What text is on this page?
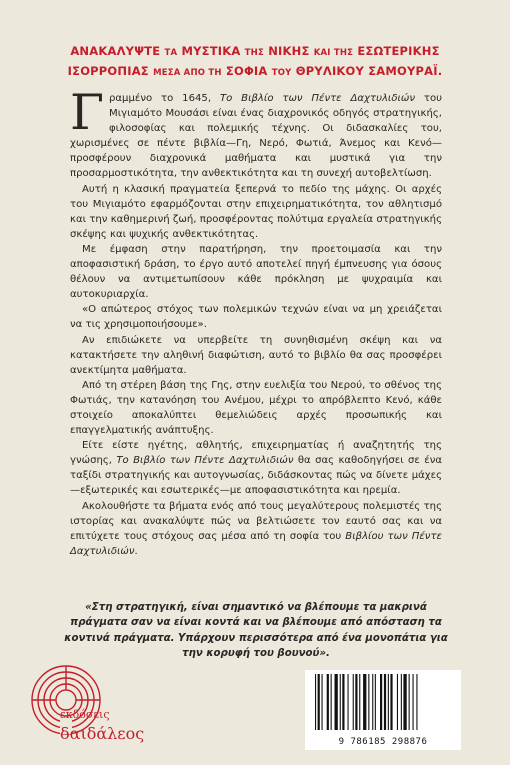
ΑΝΑΚΑΛΥΨΤΕ ΤΑ ΜΥΣΤΙΚΑ ΤΗΣ ΝΙΚΗΣ ΚΑΙ ΤΗΣ ΕΣΩΤΕΡΙΚΗΣ
ΙΣΟΡΡΟΠΙΑΣ ΜΕΣΑ ΑΠΟ ΤΗ ΣΟΦΙΑ ΤΟΥ ΘΡΥΛΙΚΟΥ ΣΑΜΟΥΡΑΪ.

Γραμμένο το 1645, Το Βιβλίο των Πέντε Δαχτυλιδιών του Μιγιαμότο Μουσάσι είναι ένας διαχρονικός οδηγός στρατηγικής, φιλοσοφίας και πολεμικής τέχνης. Οι διδασκαλίες του, χωρισμένες σε πέντε βιβλία—Γη, Νερό, Φωτιά, Άνεμος και Κενό—προσφέρουν διαχρονικά μαθήματα και μυστικά για την προσαρμοστικότητα, την ανθεκτικότητα και τη συνεχή αυτοβελτίωση.

Αυτή η κλασική πραγματεία ξεπερνά το πεδίο της μάχης. Οι αρχές του Μιγιαμότο εφαρμόζονται στην επιχειρηματικότητα, τον αθλητισμό και την καθημερινή ζωή, προσφέροντας πολύτιμα εργαλεία στρατηγικής σκέψης και ψυχικής ανθεκτικότητας.

Με έμφαση στην παρατήρηση, την προετοιμασία και την αποφασιστική δράση, το έργο αυτό αποτελεί πηγή έμπνευσης για όσους θέλουν να αντιμετωπίσουν κάθε πρόκληση με ψυχραιμία και αυτοκυριαρχία.

«Ο απώτερος στόχος των πολεμικών τεχνών είναι να μη χρειάζεται να τις χρησιμοποιήσουμε».

Αν επιδιώκετε να υπερβείτε τη συνηθισμένη σκέψη και να κατακτήσετε την αληθινή διαφώτιση, αυτό το βιβλίο θα σας προσφέρει ανεκτίμητα μαθήματα.

Από τη στέρεη βάση της Γης, στην ευελιξία του Νερού, το σθένος της Φωτιάς, την κατανόηση του Ανέμου, μέχρι το απρόβλεπτο Κενό, κάθε στοιχείο αποκαλύπτει θεμελιώδεις αρχές προσωπικής και επαγγελματικής ανάπτυξης.

Είτε είστε ηγέτης, αθλητής, επιχειρηματίας ή αναζητητής της γνώσης, Το Βιβλίο των Πέντε Δαχτυλιδιών θα σας καθοδηγήσει σε ένα ταξίδι στρατηγικής και αυτογνωσίας, διδάσκοντας πώς να δίνετε μάχες—εξωτερικές και εσωτερικές—με αποφασιστικότητα και ηρεμία.

Ακολουθήστε τα βήματα ενός από τους μεγαλύτερους πολεμιστές της ιστορίας και ανακαλύψτε πώς να βελτιώσετε τον εαυτό σας και να επιτύχετε τους στόχους σας μέσα από τη σοφία του Βιβλίου των Πέντε Δαχτυλιδιών.

«Στη στρατηγική, είναι σημαντικό να βλέπουμε τα μακρινά πράγματα σαν να είναι κοντά και να βλέπουμε από απόσταση τα κοντινά πράγματα. Υπάρχουν περισσότερα από ένα μονοπάτια για την κορυφή του βουνού».
εκδόσεις
δαιδάλεος	9 786185 298876
